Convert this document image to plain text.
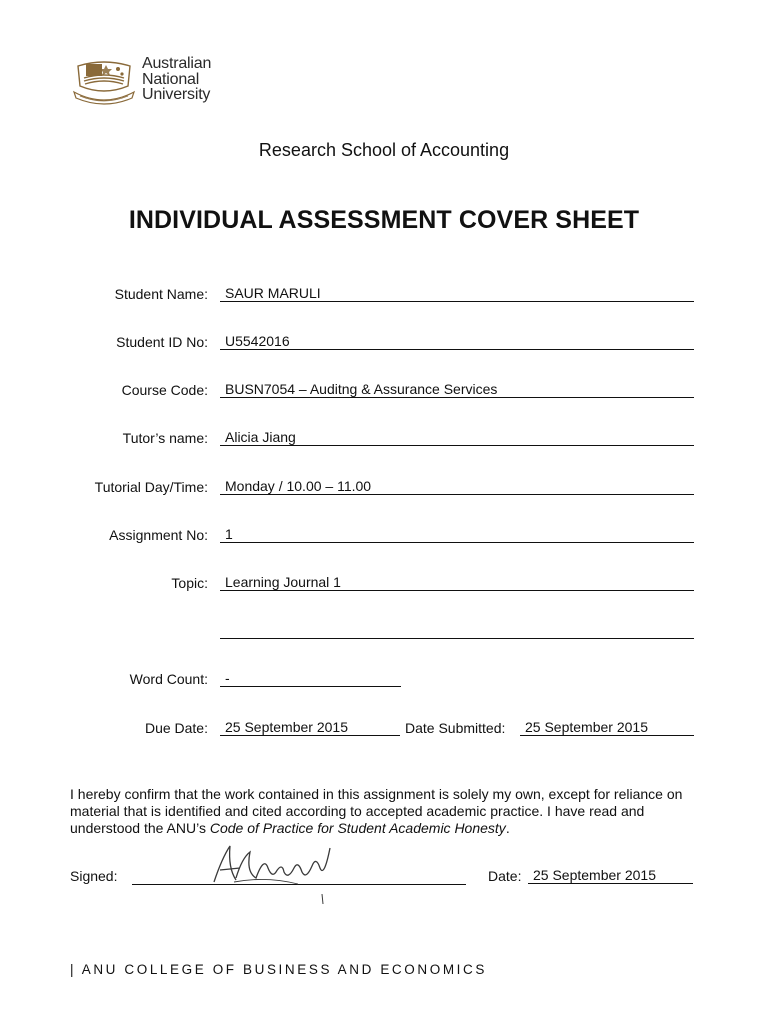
Australian
National
University
Research School of Accounting
INDIVIDUAL ASSESSMENT COVER SHEET
Student Name:	SAUR MARULI
Student ID No:	U5542016
Course Code:	BUSN7054 – Auditng & Assurance Services
Tutor’s name:	Alicia Jiang
Tutorial Day/Time:	Monday / 10.00 – 11.00
Assignment No:	1
Topic:	Learning Journal 1
Word Count:	-
Due Date:	25 September 2015	Date Submitted:	25 September 2015
I hereby confirm that the work contained in this assignment is solely my own, except for reliance on material that is identified and cited according to accepted academic practice. I have read and understood the ANU’s Code of Practice for Student Academic Honesty.
Signed:	Date: 25 September 2015
| ANU COLLEGE OF BUSINESS AND ECONOMICS
